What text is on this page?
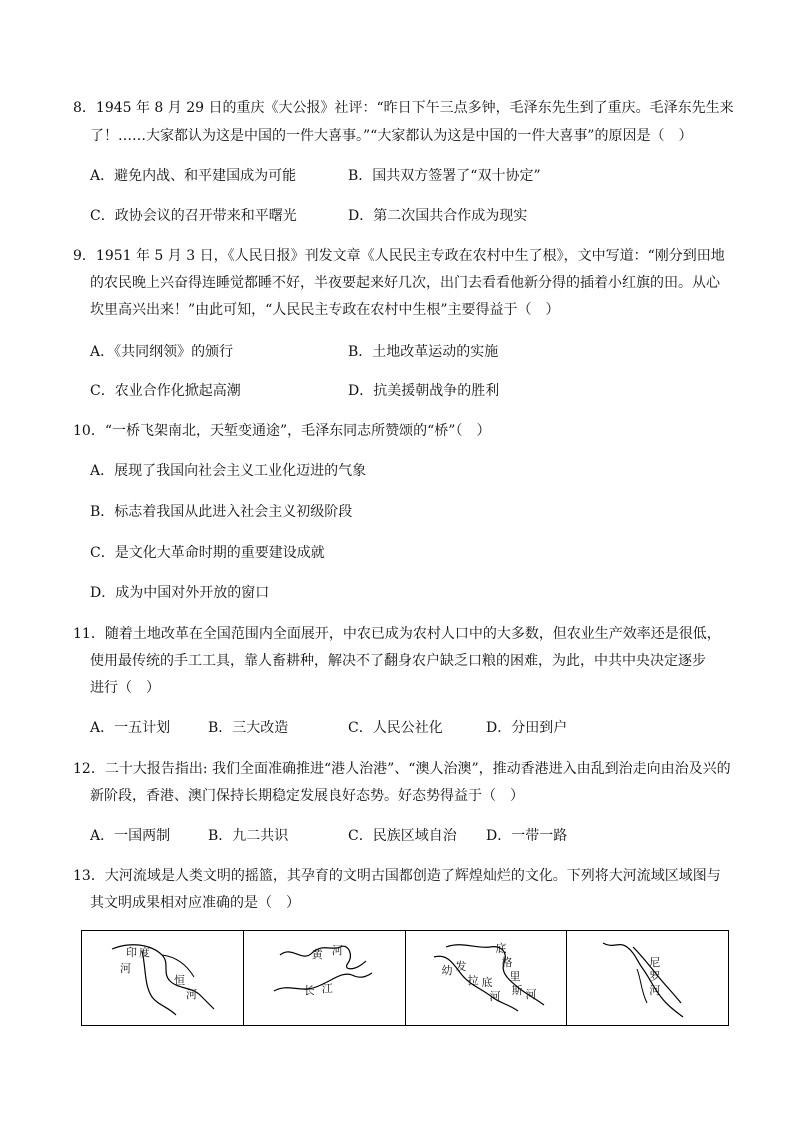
8．1945 年 8 月 29 日的重庆《大公报》社评：“昨日下午三点多钟，毛泽东先生到了重庆。毛泽东先生来
了！……大家都认为这是中国的一件大喜事。”“大家都认为这是中国的一件大喜事”的原因是（　）
A．避免内战、和平建国成为可能	B．国共双方签署了“双十协定”
C．政协会议的召开带来和平曙光	D．第二次国共合作成为现实
9．1951 年 5 月 3 日，《人民日报》刊发文章《人民民主专政在农村中生了根》，文中写道：“刚分到田地
的农民晚上兴奋得连睡觉都睡不好，半夜要起来好几次，出门去看看他新分得的插着小红旗的田。从心
坎里高兴出来！”由此可知，“人民民主专政在农村中生根”主要得益于（　）
A．《共同纲领》的颁行	B．土地改革运动的实施
C．农业合作化掀起高潮	D．抗美援朝战争的胜利
10．“一桥飞架南北，天堑变通途”，毛泽东同志所赞颂的“桥”（　）
A．展现了我国向社会主义工业化迈进的气象
B．标志着我国从此进入社会主义初级阶段
C．是文化大革命时期的重要建设成就
D．成为中国对外开放的窗口
11．随着土地改革在全国范围内全面展开，中农已成为农村人口中的大多数，但农业生产效率还是很低，
使用最传统的手工工具，靠人畜耕种，解决不了翻身农户缺乏口粮的困难，为此，中共中央决定逐步
进行（　）
A．一五计划	B．三大改造	C．人民公社化	D．分田到户
12．二十大报告指出: 我们全面准确推进“港人治港”、“澳人治澳”，推动香港进入由乱到治走向由治及兴的
新阶段，香港、澳门保持长期稳定发展良好态势。好态势得益于（　）
A．一国两制	B．九二共识	C．民族区域自治 D．一带一路
13．大河流域是人类文明的摇篮，其孕育的文明古国都创造了辉煌灿烂的文化。下列将大河流域区域图与
其文明成果相对应准确的是（　）
印 度
河
恒
河
黄 河
长 江
底
格
里
斯 河
幼 发
拉 底
河
尼
罗
河
